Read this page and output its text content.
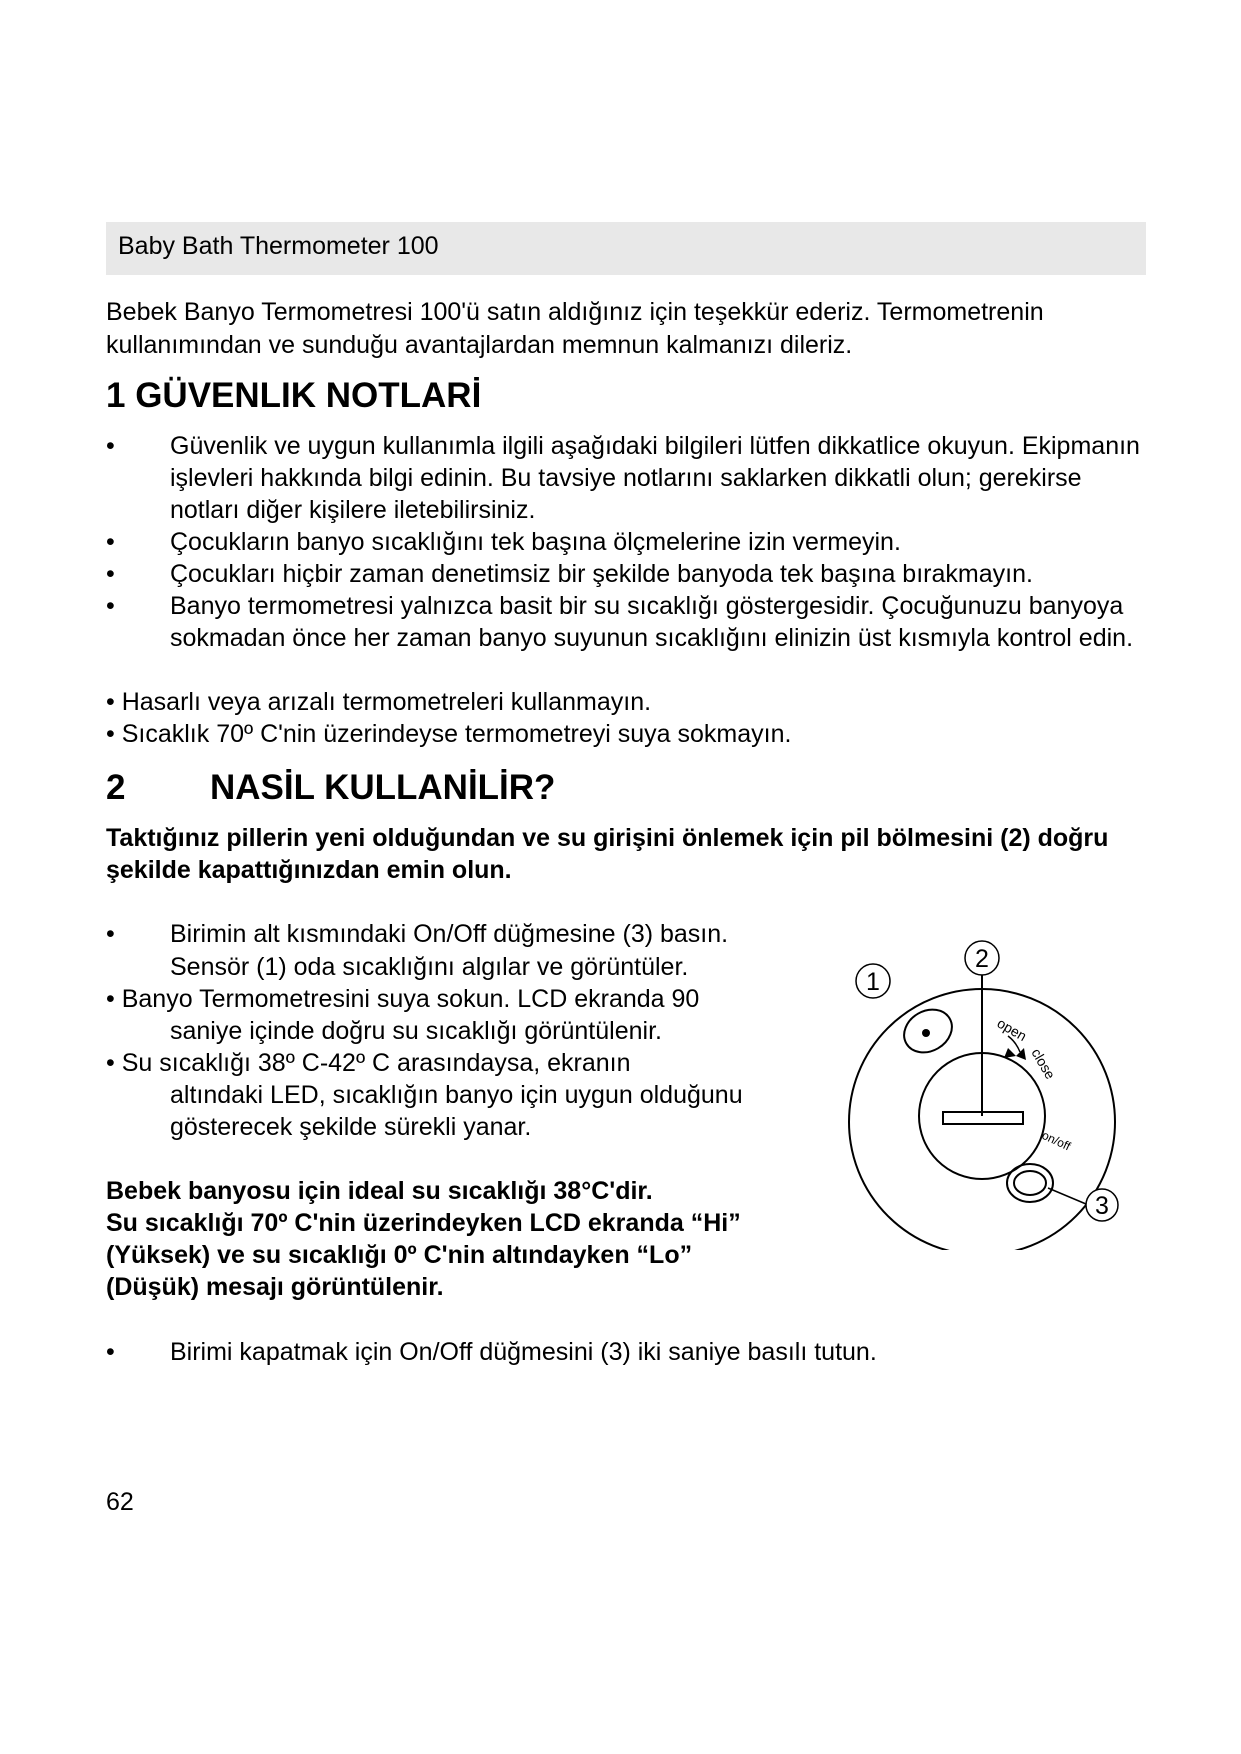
Baby Bath Thermometer 100

Bebek Banyo Termometresi 100'ü satın aldığınız için teşekkür ederiz. Termometrenin kullanımından ve sunduğu avantajlardan memnun kalmanızı dileriz.

1 GÜVENLIK NOTLARİ
• Güvenlik ve uygun kullanımla ilgili aşağıdaki bilgileri lütfen dikkatlice okuyun. Ekipmanın işlevleri hakkında bilgi edinin. Bu tavsiye notlarını saklarken dikkatli olun; gerekirse notları diğer kişilere iletebilirsiniz.
• Çocukların banyo sıcaklığını tek başına ölçmelerine izin vermeyin.
• Çocukları hiçbir zaman denetimsiz bir şekilde banyoda tek başına bırakmayın.
• Banyo termometresi yalnızca basit bir su sıcaklığı göstergesidir. Çocuğunuzu banyoya sokmadan önce her zaman banyo suyunun sıcaklığını elinizin üst kısmıyla kontrol edin.
• Hasarlı veya arızalı termometreleri kullanmayın.
• Sıcaklık 70º C'nin üzerindeyse termometreyi suya sokmayın.
2 NASİL KULLANİLİR?

Taktığınız pillerin yeni olduğundan ve su girişini önlemek için pil bölmesini (2) doğru şekilde kapattığınızdan emin olun.

• Birimin alt kısmındaki On/Off düğmesine (3) basın.
Sensör (1) oda sıcaklığını algılar ve görüntüler.
• Banyo Termometresini suya sokun. LCD ekranda 90
saniye içinde doğru su sıcaklığı görüntülenir.
• Su sıcaklığı 38º C-42º C arasındaysa, ekranın
altındaki LED, sıcaklığın banyo için uygun olduğunu
gösterecek şekilde sürekli yanar.
Bebek banyosu için ideal su sıcaklığı 38°C'dir.
Su sıcaklığı 70º C'nin üzerindeyken LCD ekranda “Hi”
(Yüksek) ve su sıcaklığı 0º C'nin altındayken “Lo”
(Düşük) mesajı görüntülenir.
• Birimi kapatmak için On/Off düğmesini (3) iki saniye basılı tutun.
2
1
open
close
on/off
3
62
